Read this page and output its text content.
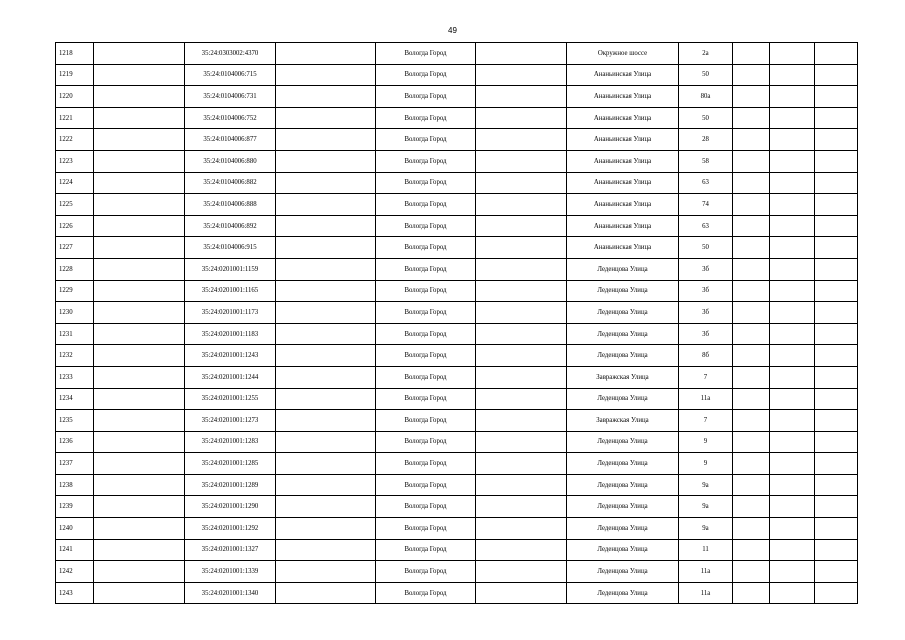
49
1218		35:24:0303002:4370		Вологда Город		Окружное шоссе	2а			
1219		35:24:0104006:715		Вологда Город		Ананьинская Улица	50			
1220		35:24:0104006:731		Вологда Город		Ананьинская Улица	80а			
1221		35:24:0104006:752		Вологда Город		Ананьинская Улица	50			
1222		35:24:0104006:877		Вологда Город		Ананьинская Улица	28			
1223		35:24:0104006:880		Вологда Город		Ананьинская Улица	58			
1224		35:24:0104006:882		Вологда Город		Ананьинская Улица	63			
1225		35:24:0104006:888		Вологда Город		Ананьинская Улица	74			
1226		35:24:0104006:892		Вологда Город		Ананьинская Улица	63			
1227		35:24:0104006:915		Вологда Город		Ананьинская Улица	50			
1228		35:24:0201001:1159		Вологда Город		Леденцова Улица	3б			
1229		35:24:0201001:1165		Вологда Город		Леденцова Улица	3б			
1230		35:24:0201001:1173		Вологда Город		Леденцова Улица	3б			
1231		35:24:0201001:1183		Вологда Город		Леденцова Улица	3б			
1232		35:24:0201001:1243		Вологда Город		Леденцова Улица	8б			
1233		35:24:0201001:1244		Вологда Город		Завражская Улица	7			
1234		35:24:0201001:1255		Вологда Город		Леденцова Улица	11а			
1235		35:24:0201001:1273		Вологда Город		Завражская Улица	7			
1236		35:24:0201001:1283		Вологда Город		Леденцова Улица	9			
1237		35:24:0201001:1285		Вологда Город		Леденцова Улица	9			
1238		35:24:0201001:1289		Вологда Город		Леденцова Улица	9а			
1239		35:24:0201001:1290		Вологда Город		Леденцова Улица	9а			
1240		35:24:0201001:1292		Вологда Город		Леденцова Улица	9а			
1241		35:24:0201001:1327		Вологда Город		Леденцова Улица	11			
1242		35:24:0201001:1339		Вологда Город		Леденцова Улица	11а			
1243		35:24:0201001:1340		Вологда Город		Леденцова Улица	11а			
